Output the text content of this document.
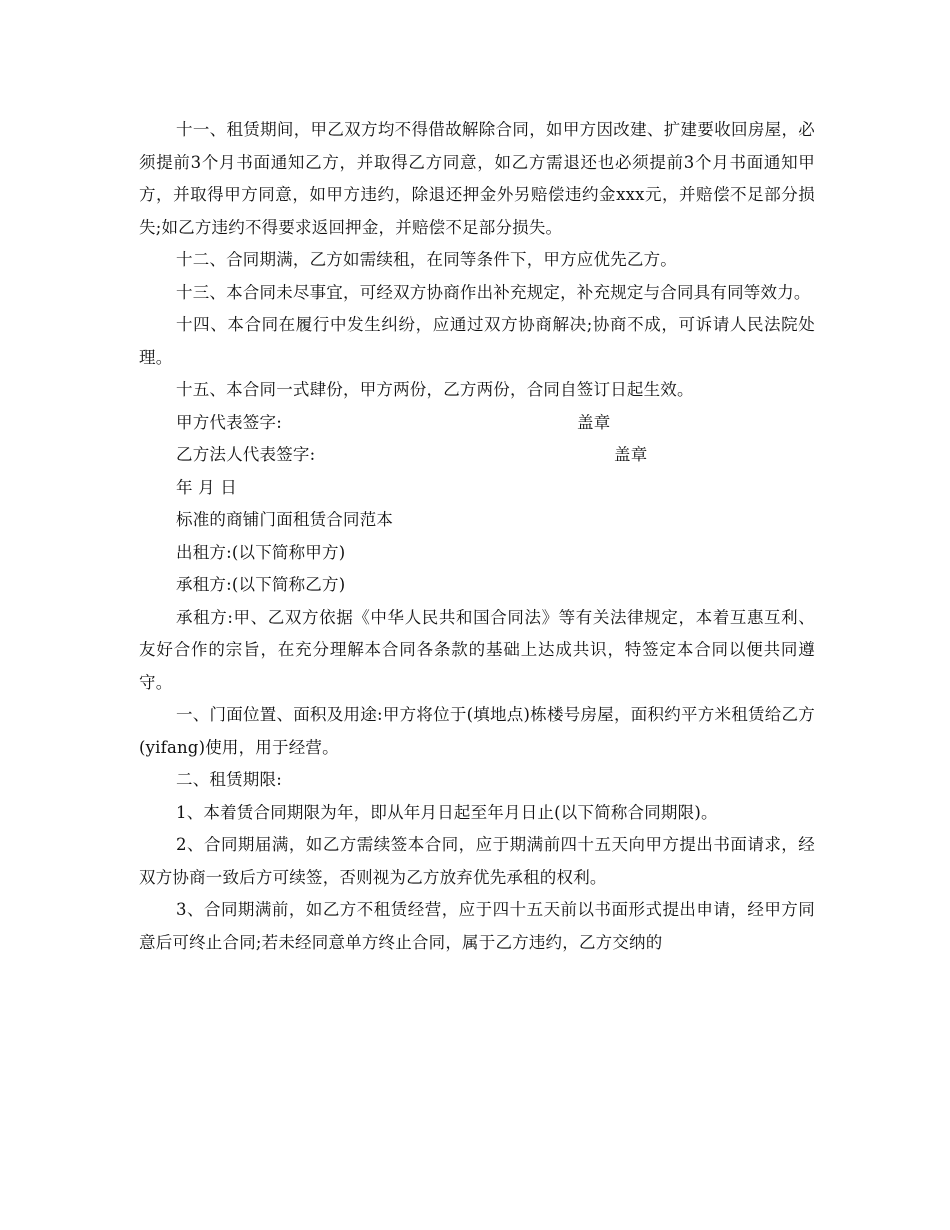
十一、租赁期间，甲乙双方均不得借故解除合同，如甲方因改建、扩建要收回房屋，必须提前3个月书面通知乙方，并取得乙方同意，如乙方需退还也必须提前3个月书面通知甲方，并取得甲方同意，如甲方违约，除退还押金外另赔偿违约金xxx元，并赔偿不足部分损失;如乙方违约不得要求返回押金，并赔偿不足部分损失。

十二、合同期满，乙方如需续租，在同等条件下，甲方应优先乙方。

十三、本合同未尽事宜，可经双方协商作出补充规定，补充规定与合同具有同等效力。

十四、本合同在履行中发生纠纷，应通过双方协商解决;协商不成，可诉请人民法院处理。

十五、本合同一式肆份，甲方两份，乙方两份，合同自签订日起生效。

甲方代表签字:	盖章
乙方法人代表签字:	盖章
年 月 日
标准的商铺门面租赁合同范本
出租方:(以下简称甲方)
承租方:(以下简称乙方)

承租方:甲、乙双方依据《中华人民共和国合同法》等有关法律规定，本着互惠互利、友好合作的宗旨，在充分理解本合同各条款的基础上达成共识，特签定本合同以便共同遵守。

一、门面位置、面积及用途:甲方将位于(填地点)栋楼号房屋，面积约平方米租赁给乙方(yifang)使用，用于经营。

二、租赁期限:

1、本着赁合同期限为年，即从年月日起至年月日止(以下简称合同期限)。

2、合同期届满，如乙方需续签本合同，应于期满前四十五天向甲方提出书面请求，经双方协商一致后方可续签，否则视为乙方放弃优先承租的权利。

3、合同期满前，如乙方不租赁经营，应于四十五天前以书面形式提出申请，经甲方同意后可终止合同;若未经同意单方终止合同，属于乙方违约，乙方交纳的
